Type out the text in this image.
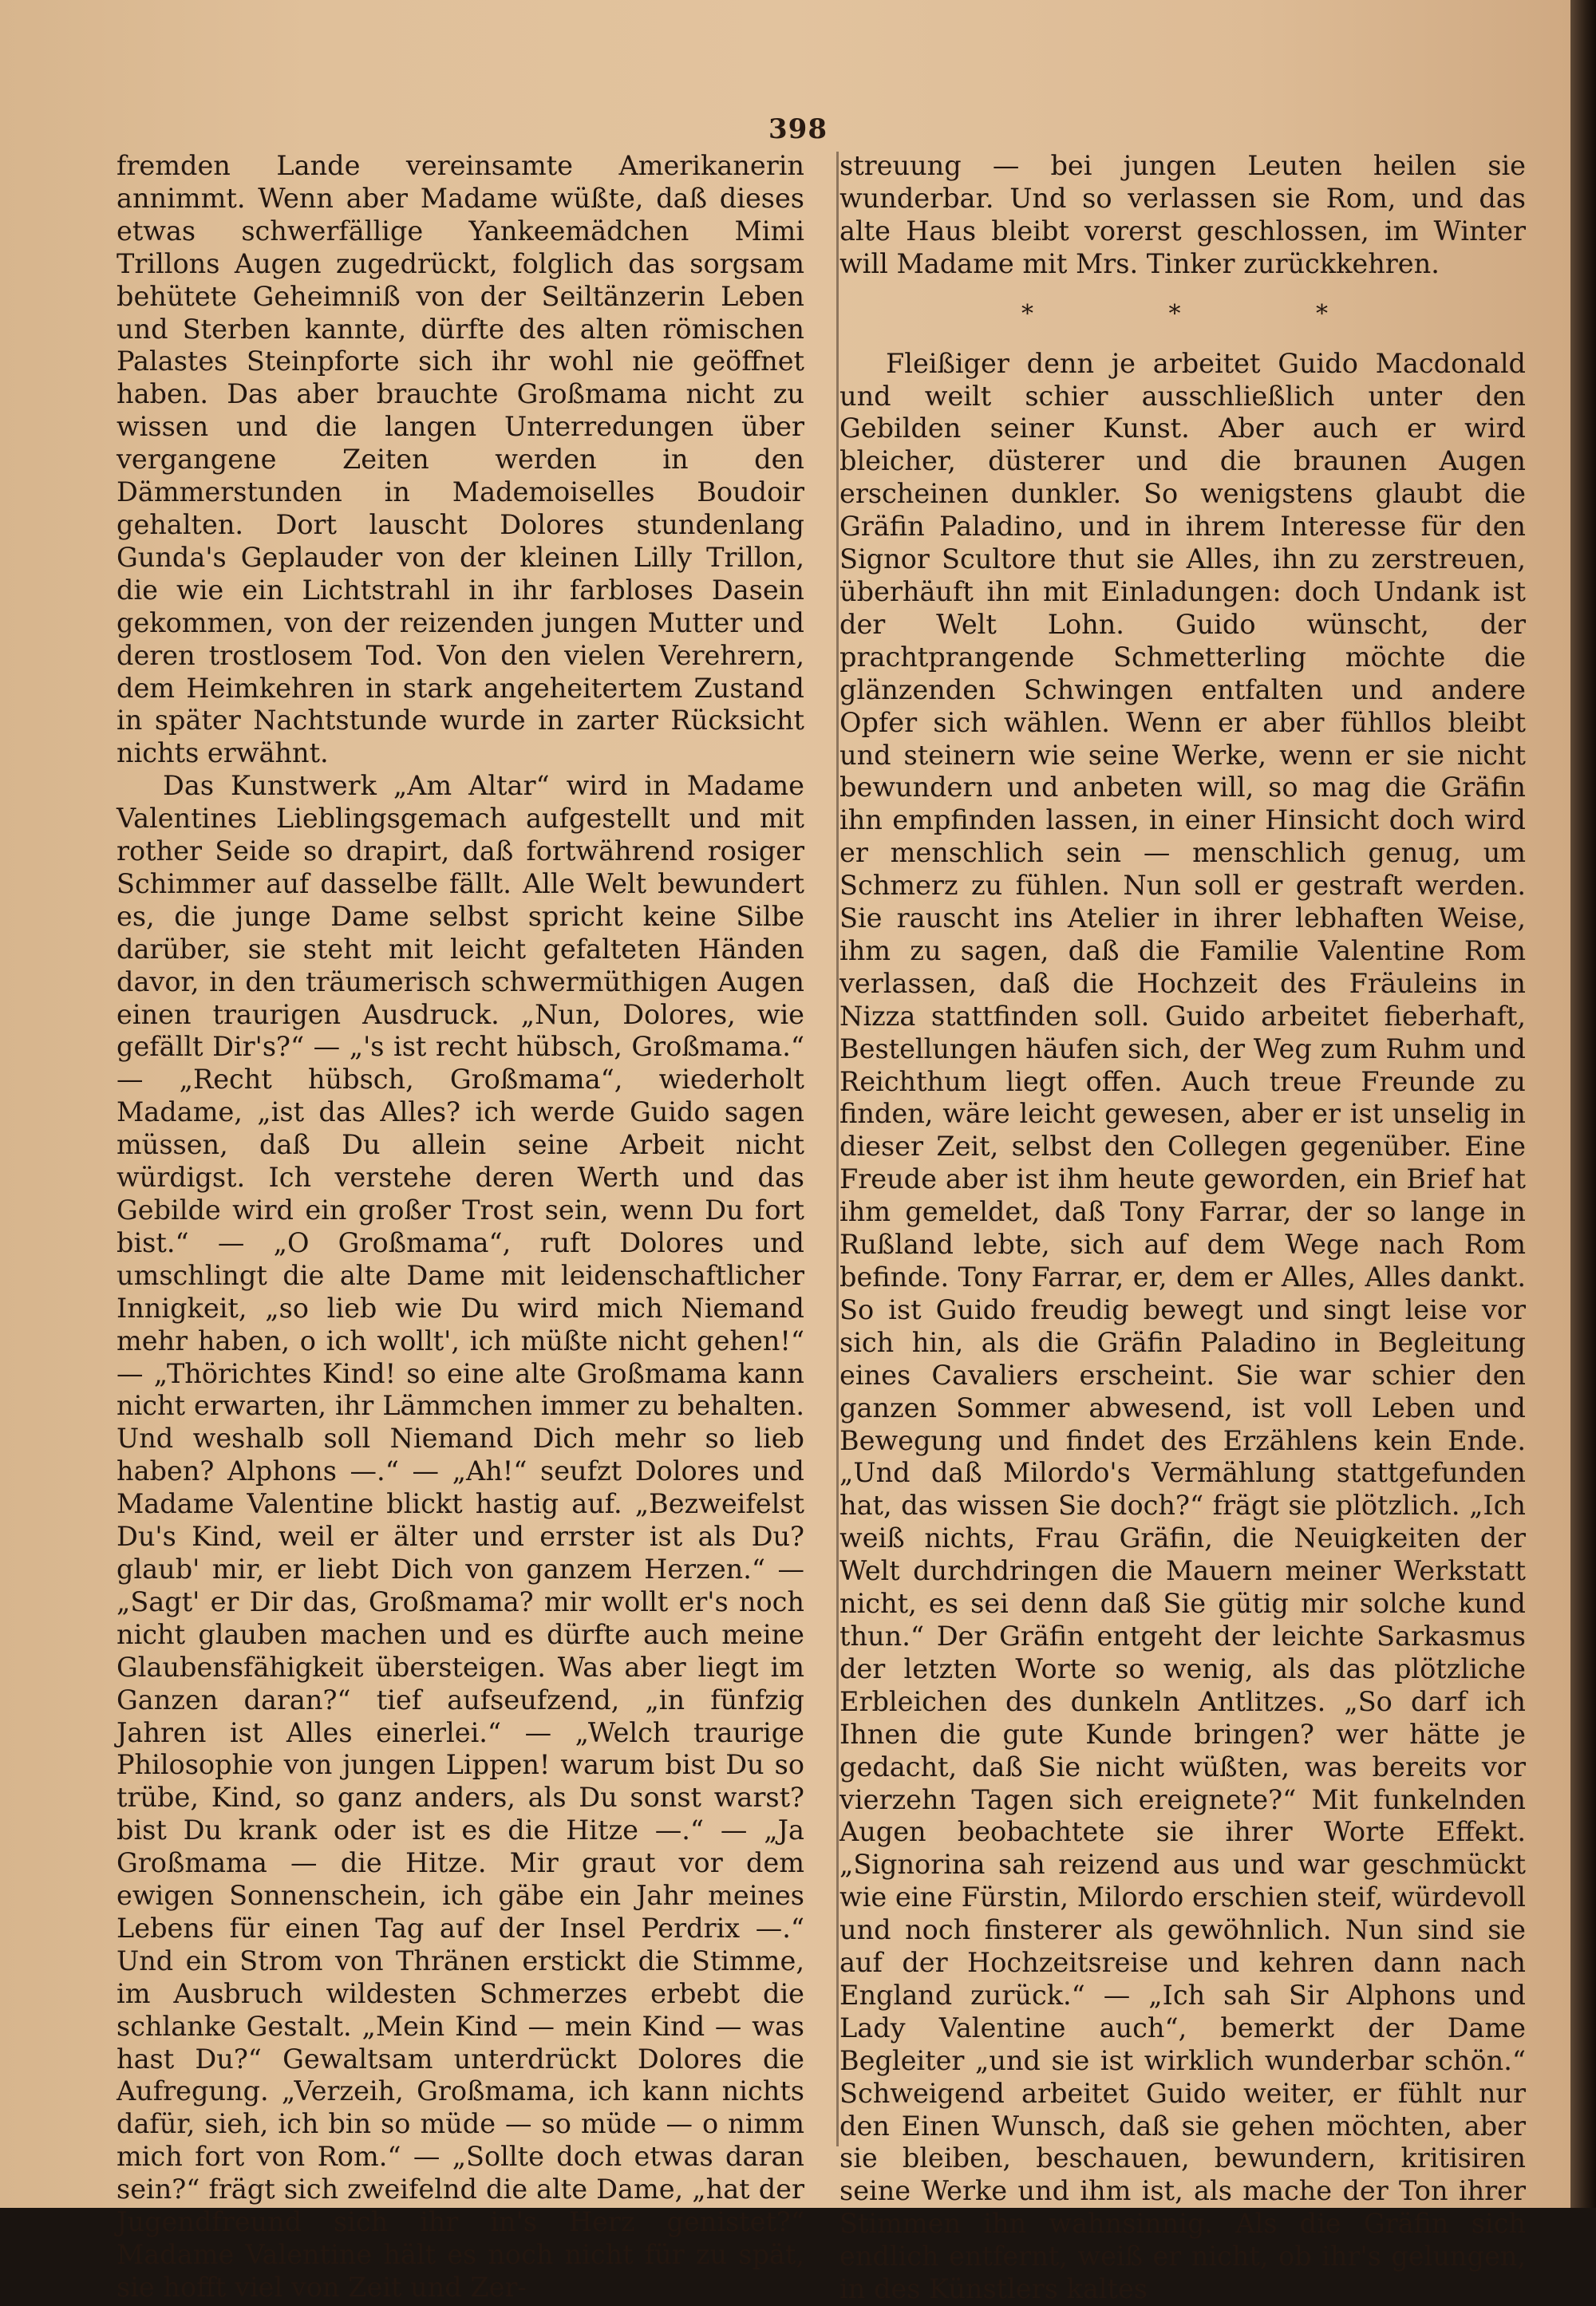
398

fremden Lande vereinsamte Amerikanerin annimmt. Wenn aber Madame wüßte, daß dieses etwas schwerfällige Yankeemädchen Mimi Trillons Augen zugedrückt, folglich das sorgsam behütete Geheimniß von der Seiltänzerin Leben und Sterben kannte, dürfte des alten römischen Palastes Steinpforte sich ihr wohl nie geöffnet haben. Das aber brauchte Großmama nicht zu wissen und die langen Unterredungen über vergangene Zeiten werden in den Dämmerstunden in Mademoiselles Boudoir gehalten. Dort lauscht Dolores stundenlang Gunda's Geplauder von der kleinen Lilly Trillon, die wie ein Lichtstrahl in ihr farbloses Dasein gekommen, von der reizenden jungen Mutter und deren trostlosem Tod. Von den vielen Verehrern, dem Heimkehren in stark angeheitertem Zustand in später Nachtstunde wurde in zarter Rücksicht nichts erwähnt.

Das Kunstwerk „Am Altar“ wird in Madame Valentines Lieblingsgemach aufgestellt und mit rother Seide so drapirt, daß fortwährend rosiger Schimmer auf dasselbe fällt. Alle Welt bewundert es, die junge Dame selbst spricht keine Silbe darüber, sie steht mit leicht gefalteten Händen davor, in den träumerisch schwermüthigen Augen einen traurigen Ausdruck. „Nun, Dolores, wie gefällt Dir's?“ — „'s ist recht hübsch, Großmama.“ — „Recht hübsch, Großmama“, wiederholt Madame, „ist das Alles? ich werde Guido sagen müssen, daß Du allein seine Arbeit nicht würdigst. Ich verstehe deren Werth und das Gebilde wird ein großer Trost sein, wenn Du fort bist.“ — „O Großmama“, ruft Dolores und umschlingt die alte Dame mit leidenschaftlicher Innigkeit, „so lieb wie Du wird mich Niemand mehr haben, o ich wollt', ich müßte nicht gehen!“ — „Thörichtes Kind! so eine alte Großmama kann nicht erwarten, ihr Lämmchen immer zu behalten. Und weshalb soll Niemand Dich mehr so lieb haben? Alphons —.“ — „Ah!“ seufzt Dolores und Madame Valentine blickt hastig auf. „Bezweifelst Du's Kind, weil er älter und errster ist als Du? glaub' mir, er liebt Dich von ganzem Herzen.“ — „Sagt' er Dir das, Großmama? mir wollt er's noch nicht glauben machen und es dürfte auch meine Glaubensfähigkeit übersteigen. Was aber liegt im Ganzen daran?“ tief aufseufzend, „in fünfzig Jahren ist Alles einerlei.“ — „Welch traurige Philosophie von jungen Lippen! warum bist Du so trübe, Kind, so ganz anders, als Du sonst warst? bist Du krank oder ist es die Hitze —.“ — „Ja Großmama — die Hitze. Mir graut vor dem ewigen Sonnenschein, ich gäbe ein Jahr meines Lebens für einen Tag auf der Insel Perdrix —.“ Und ein Strom von Thränen erstickt die Stimme, im Ausbruch wildesten Schmerzes erbebt die schlanke Gestalt. „Mein Kind — mein Kind — was hast Du?“ Gewaltsam unterdrückt Dolores die Aufregung. „Verzeih, Großmama, ich kann nichts dafür, sieh, ich bin so müde — so müde — o nimm mich fort von Rom.“ — „Sollte doch etwas daran sein?“ frägt sich zweifelnd die alte Dame, „hat der Jugendfreund sich ihr in's Herz genistet?“ Madame Valentine hält es noch nicht für zu spät, sie hofft viel von Zeit und Zer-

streuung — bei jungen Leuten heilen sie wunderbar. Und so verlassen sie Rom, und das alte Haus bleibt vorerst geschlossen, im Winter will Madame mit Mrs. Tinker zurückkehren.

* * *

Fleißiger denn je arbeitet Guido Macdonald und weilt schier ausschließlich unter den Gebilden seiner Kunst. Aber auch er wird bleicher, düsterer und die braunen Augen erscheinen dunkler. So wenigstens glaubt die Gräfin Paladino, und in ihrem Interesse für den Signor Scultore thut sie Alles, ihn zu zerstreuen, überhäuft ihn mit Einladungen: doch Undank ist der Welt Lohn. Guido wünscht, der prachtprangende Schmetterling möchte die glänzenden Schwingen entfalten und andere Opfer sich wählen. Wenn er aber fühllos bleibt und steinern wie seine Werke, wenn er sie nicht bewundern und anbeten will, so mag die Gräfin ihn empfinden lassen, in einer Hinsicht doch wird er menschlich sein — menschlich genug, um Schmerz zu fühlen. Nun soll er gestraft werden. Sie rauscht ins Atelier in ihrer lebhaften Weise, ihm zu sagen, daß die Familie Valentine Rom verlassen, daß die Hochzeit des Fräuleins in Nizza stattfinden soll. Guido arbeitet fieberhaft, Bestellungen häufen sich, der Weg zum Ruhm und Reichthum liegt offen. Auch treue Freunde zu finden, wäre leicht gewesen, aber er ist unselig in dieser Zeit, selbst den Collegen gegenüber. Eine Freude aber ist ihm heute geworden, ein Brief hat ihm gemeldet, daß Tony Farrar, der so lange in Rußland lebte, sich auf dem Wege nach Rom befinde. Tony Farrar, er, dem er Alles, Alles dankt. So ist Guido freudig bewegt und singt leise vor sich hin, als die Gräfin Paladino in Begleitung eines Cavaliers erscheint. Sie war schier den ganzen Sommer abwesend, ist voll Leben und Bewegung und findet des Erzählens kein Ende. „Und daß Milordo's Vermählung stattgefunden hat, das wissen Sie doch?“ frägt sie plötzlich. „Ich weiß nichts, Frau Gräfin, die Neuigkeiten der Welt durchdringen die Mauern meiner Werkstatt nicht, es sei denn daß Sie gütig mir solche kund thun.“ Der Gräfin entgeht der leichte Sarkasmus der letzten Worte so wenig, als das plötzliche Erbleichen des dunkeln Antlitzes. „So darf ich Ihnen die gute Kunde bringen? wer hätte je gedacht, daß Sie nicht wüßten, was bereits vor vierzehn Tagen sich ereignete?“ Mit funkelnden Augen beobachtete sie ihrer Worte Effekt. „Signorina sah reizend aus und war geschmückt wie eine Fürstin, Milordo erschien steif, würdevoll und noch finsterer als gewöhnlich. Nun sind sie auf der Hochzeitsreise und kehren dann nach England zurück.“ — „Ich sah Sir Alphons und Lady Valentine auch“, bemerkt der Dame Begleiter „und sie ist wirklich wunderbar schön.“ Schweigend arbeitet Guido weiter, er fühlt nur den Einen Wunsch, daß sie gehen möchten, aber sie bleiben, beschauen, bewundern, kritisiren seine Werke und ihm ist, als mache der Ton ihrer Stimmen ihn wahnsinnig. Als die Gräfin sich endlich entfernt, weiß er nicht, ob ihr's gelungen, in des Künstlers kaltes
